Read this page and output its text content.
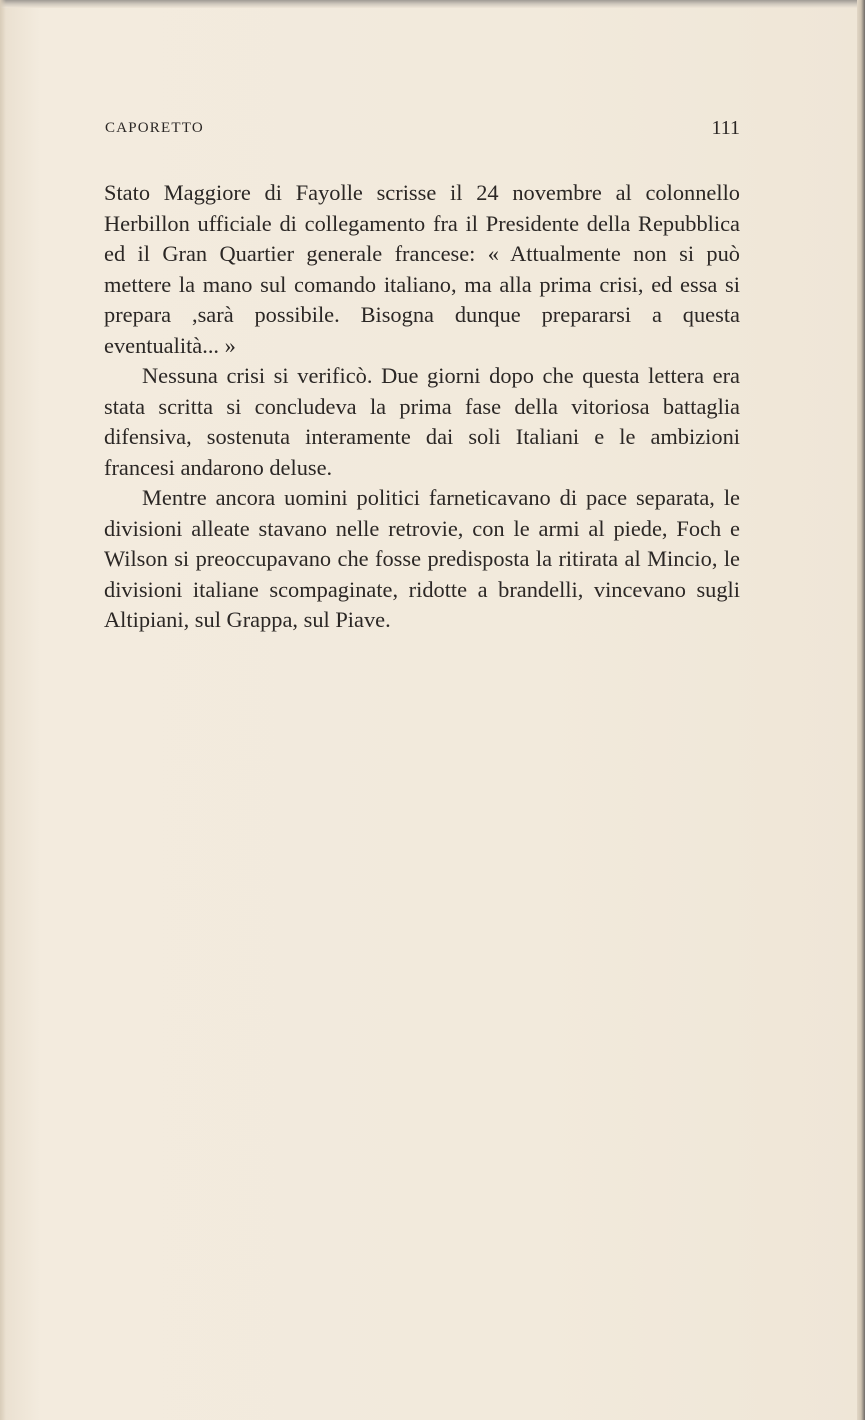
CAPORETTO	111

Stato Maggiore di Fayolle scrisse il 24 novembre al colonnello Herbillon ufficiale di collegamento fra il Presidente della Repubblica ed il Gran Quartier generale francese: « Attualmente non si può mettere la mano sul comando italiano, ma alla prima crisi, ed essa si prepara ,sarà possibile. Bisogna dunque prepararsi a questa eventualità... »

Nessuna crisi si verificò. Due giorni dopo che questa lettera era stata scritta si concludeva la prima fase della vitoriosa battaglia difensiva, sostenuta interamente dai soli Italiani e le ambizioni francesi andarono deluse.

Mentre ancora uomini politici farneticavano di pace separata, le divisioni alleate stavano nelle retrovie, con le armi al piede, Foch e Wilson si preoccupavano che fosse predisposta la ritirata al Mincio, le divisioni italiane scompaginate, ridotte a brandelli, vincevano sugli Altipiani, sul Grappa, sul Piave.
